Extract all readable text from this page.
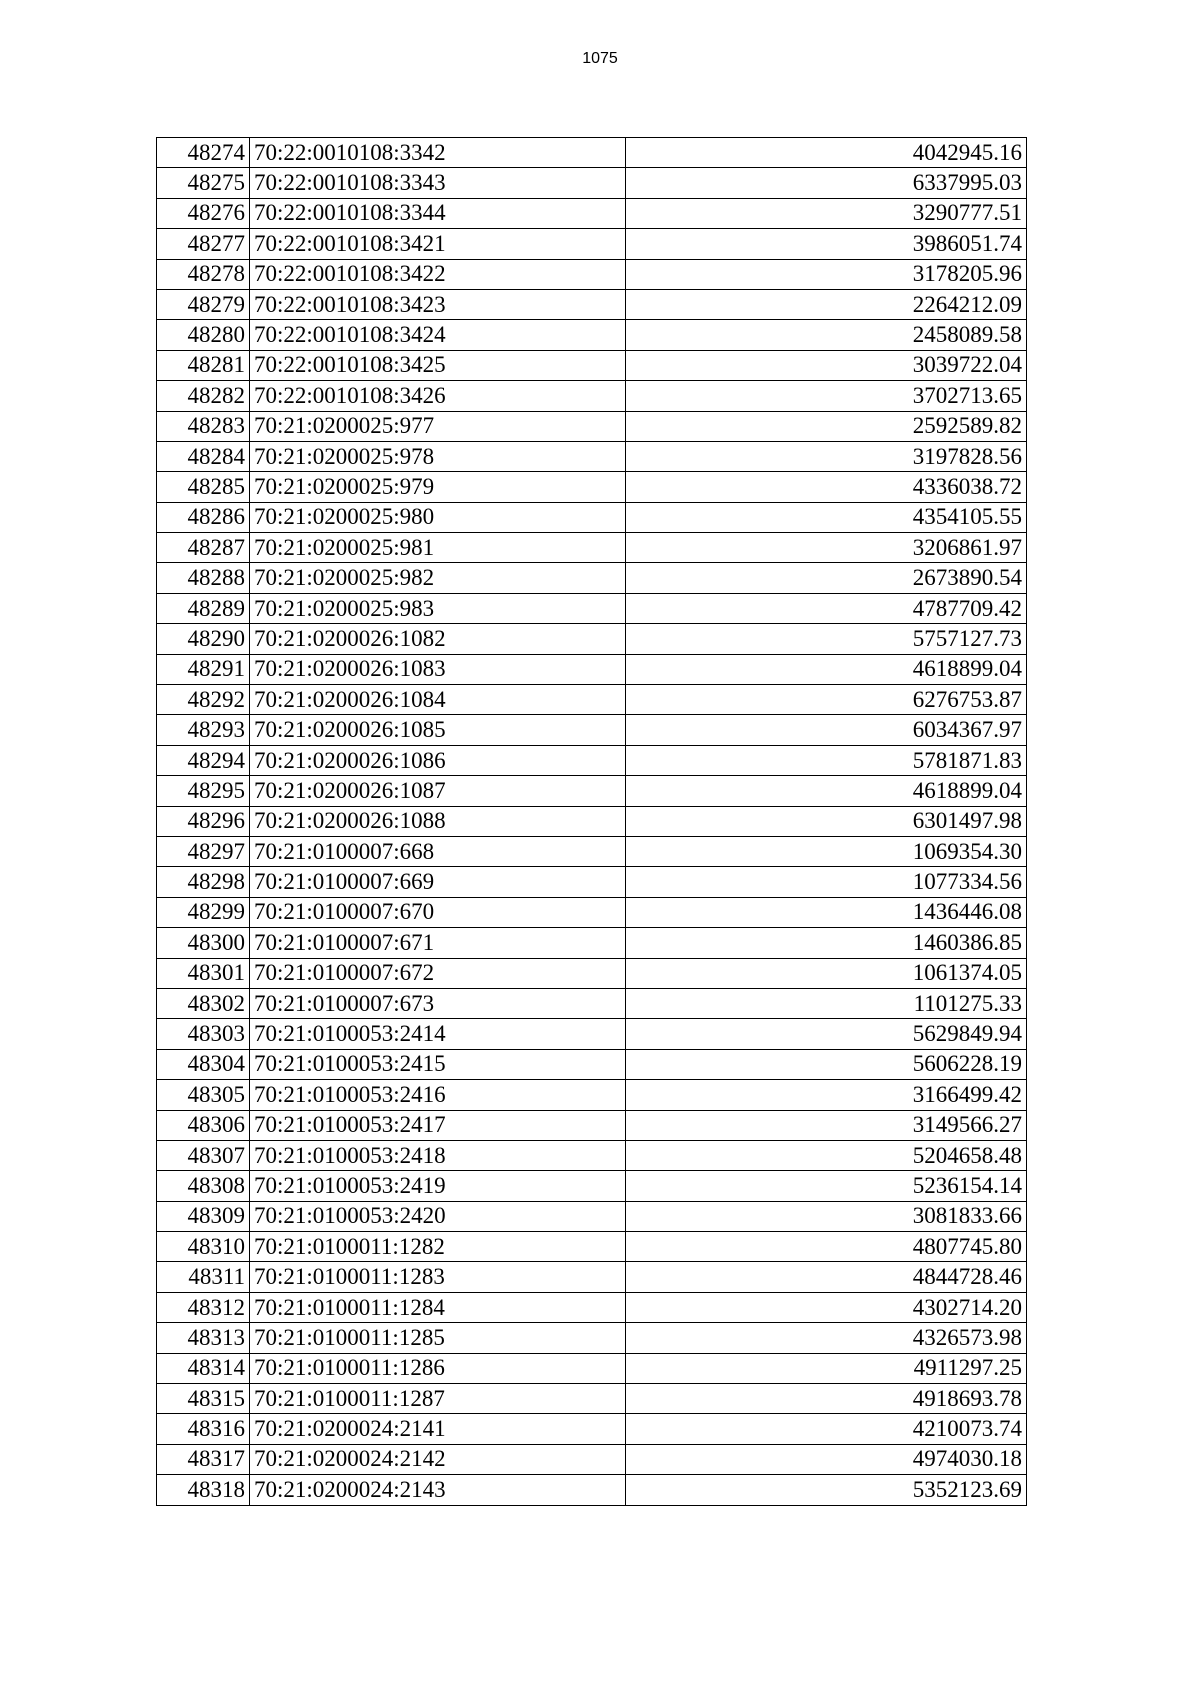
1075
48274	70:22:0010108:3342	4042945.16
48275	70:22:0010108:3343	6337995.03
48276	70:22:0010108:3344	3290777.51
48277	70:22:0010108:3421	3986051.74
48278	70:22:0010108:3422	3178205.96
48279	70:22:0010108:3423	2264212.09
48280	70:22:0010108:3424	2458089.58
48281	70:22:0010108:3425	3039722.04
48282	70:22:0010108:3426	3702713.65
48283	70:21:0200025:977	2592589.82
48284	70:21:0200025:978	3197828.56
48285	70:21:0200025:979	4336038.72
48286	70:21:0200025:980	4354105.55
48287	70:21:0200025:981	3206861.97
48288	70:21:0200025:982	2673890.54
48289	70:21:0200025:983	4787709.42
48290	70:21:0200026:1082	5757127.73
48291	70:21:0200026:1083	4618899.04
48292	70:21:0200026:1084	6276753.87
48293	70:21:0200026:1085	6034367.97
48294	70:21:0200026:1086	5781871.83
48295	70:21:0200026:1087	4618899.04
48296	70:21:0200026:1088	6301497.98
48297	70:21:0100007:668	1069354.30
48298	70:21:0100007:669	1077334.56
48299	70:21:0100007:670	1436446.08
48300	70:21:0100007:671	1460386.85
48301	70:21:0100007:672	1061374.05
48302	70:21:0100007:673	1101275.33
48303	70:21:0100053:2414	5629849.94
48304	70:21:0100053:2415	5606228.19
48305	70:21:0100053:2416	3166499.42
48306	70:21:0100053:2417	3149566.27
48307	70:21:0100053:2418	5204658.48
48308	70:21:0100053:2419	5236154.14
48309	70:21:0100053:2420	3081833.66
48310	70:21:0100011:1282	4807745.80
48311	70:21:0100011:1283	4844728.46
48312	70:21:0100011:1284	4302714.20
48313	70:21:0100011:1285	4326573.98
48314	70:21:0100011:1286	4911297.25
48315	70:21:0100011:1287	4918693.78
48316	70:21:0200024:2141	4210073.74
48317	70:21:0200024:2142	4974030.18
48318	70:21:0200024:2143	5352123.69
